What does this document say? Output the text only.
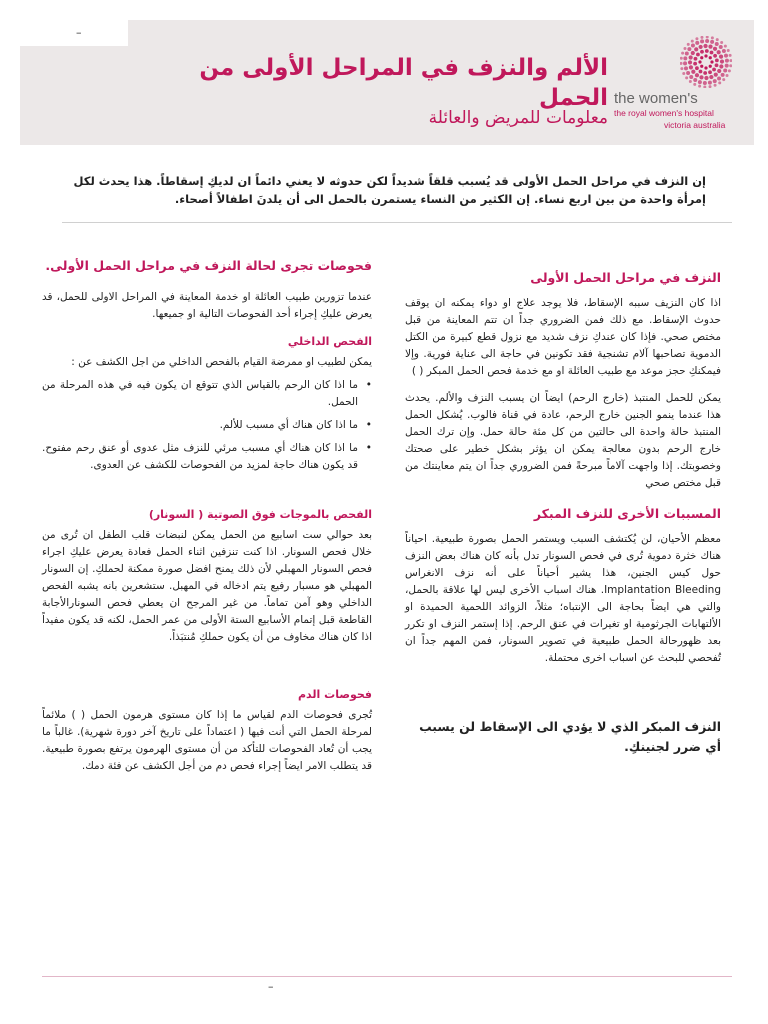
–
الألم والنزف في المراحل الأولى من الحمل
معلومات للمريض والعائلة
the women's
the royal women's hospital
victoria australia

إن النزف في مراحل الحمل الأولى قد يُسبب قلقاً شديداً لكن حدوثه لا يعني دائماً ان لديكِ إسقاطاً. هذا يحدث لكل إمرأة واحدة من بين اربع نساء. إن الكثير من النساء يستمرن بالحمل الى أن يلدنَ اطفالاً أصحاء.

النزف في مراحل الحمل الأولى

اذا كان النزيف سببه الإسقاط، فلا يوجد علاج او دواء يمكنه ان يوقف حدوث الإسقاط. مع ذلك فمن الضروري جداً ان تتم المعاينة من قبل مختص صحي. فإذا كان عندكِ نزف شديد مع نزول قطع كبيرة من الكتل الدموية تصاحبها آلام تشنجية فقد تكونين في حاجة الى عناية فورية. وإلا فيمكنكِ حجز موعد مع طبيب العائلة او مع خدمة فحص الحمل المبكر ( )

يمكن للحمل المنتبذ (خارج الرحم) ايضاً ان يسبب النزف والألم. يحدث هذا عندما ينمو الجنين خارج الرحم، عادة في قناة فالوب. يُشكل الحمل المنتبذ حالة واحدة الى حالتين من كل مئة حالة حمل. وإن ترك الحمل خارج الرحم بدون معالجة يمكن ان يؤثر بشكل خطير على صحتك وخصوبتك. إذا واجهت آلاماً مبرحةً فمن الضروري جداً ان يتم معاينتك من قبل مختص صحي

المسببات الأخرى للنزف المبكر

معظم الأحيان، لن يُكتشف السبب ويستمر الحمل بصورة طبيعية. احياناً هناك خثرة دموية تُرى في فحص السونار تدل بأنه كان هناك بعض النزف حول كيس الجنين، هذا يشير أحياناً على أنه نزف الانغراس Implantation Bleeding. هناك اسباب الأخرى ليس لها علاقة بالحمل، والتي هي ايضاً بحاجة الى الإنتباه؛ مثلاً، الزوائد اللحمية الحميدة او الألتهابات الجرثومية او تغيرات في عنق الرحم. إذا إستمر النزف او تكرر بعد ظهورحالة الحمل طبيعية في تصوير السونار، فمن المهم جداً ان تُفحصي للبحث عن اسباب اخرى محتملة.

النزف المبكر الذي لا يؤدي الى الإسقاط لن يسبب أي ضرر لجنينكِ.

فحوصات تجرى لحالة النزف في مراحل الحمل الأولى.

عندما تزورين طبيب العائلة او خدمة المعاينة في المراحل الاولى للحمل، قد يعرض عليكِ إجراء أحد الفحوصات التالية او جميعها.

الفحص الداخلي

يمكن لطبيب او ممرضة القيام بالفحص الداخلي من اجل الكشف عن :

• ما اذا كان الرحم بالقياس الذي تتوقع ان يكون فيه في هذه المرحلة من الحمل.
• ما اذا كان هناك أي مسبب للألم.
• ما اذا كان هناك أي مسبب مرئي للنزف مثل عدوى أو عنق رحم مفتوح. قد يكون هناك حاجة لمزيد من الفحوصات للكشف عن العدوى.
الفحص بالموجات فوق الصوتية ( السونار)

بعد حوالي ست اسابيع من الحمل يمكن لنبضات قلب الطفل ان تُرى من خلال فحص السونار. اذا كنت تنزفين اثناء الحمل فعادة يعرض عليكِ اجراء فحص السونار المهبلي لأن ذلك يمنح افضل صورة ممكنة لحملكِ. إن السونار المهبلي هو مسبار رفيع يتم ادخاله في المهبل. ستشعرين بانه يشبه الفحص الداخلي وهو آمن تماماً. من غير المرجح ان يعطي فحص السونارالأجابة القاطعة قبل إتمام الأسابيع الستة الأولى من عمر الحمل، لكنه قد يكون مفيداً اذا كان هناك مخاوف من أن يكون حملكِ مُنتبَذاً.

فحوصات الدم

تُجرى فحوصات الدم لقياس ما إذا كان مستوى هرمون الحمل ( ) ملائماً لمرحلة الحمل التي أنت فيها ( اعتماداً على تاريخ آخر دورة شهرية). غالباً ما يجب أن تُعاد الفحوصات للتأكد من أن مستوى الهرمون يرتفع بصورة طبيعية. قد يتطلب الامر ايضاً إجراء فحص دم من أجل الكشف عن فئة دمك.

–
